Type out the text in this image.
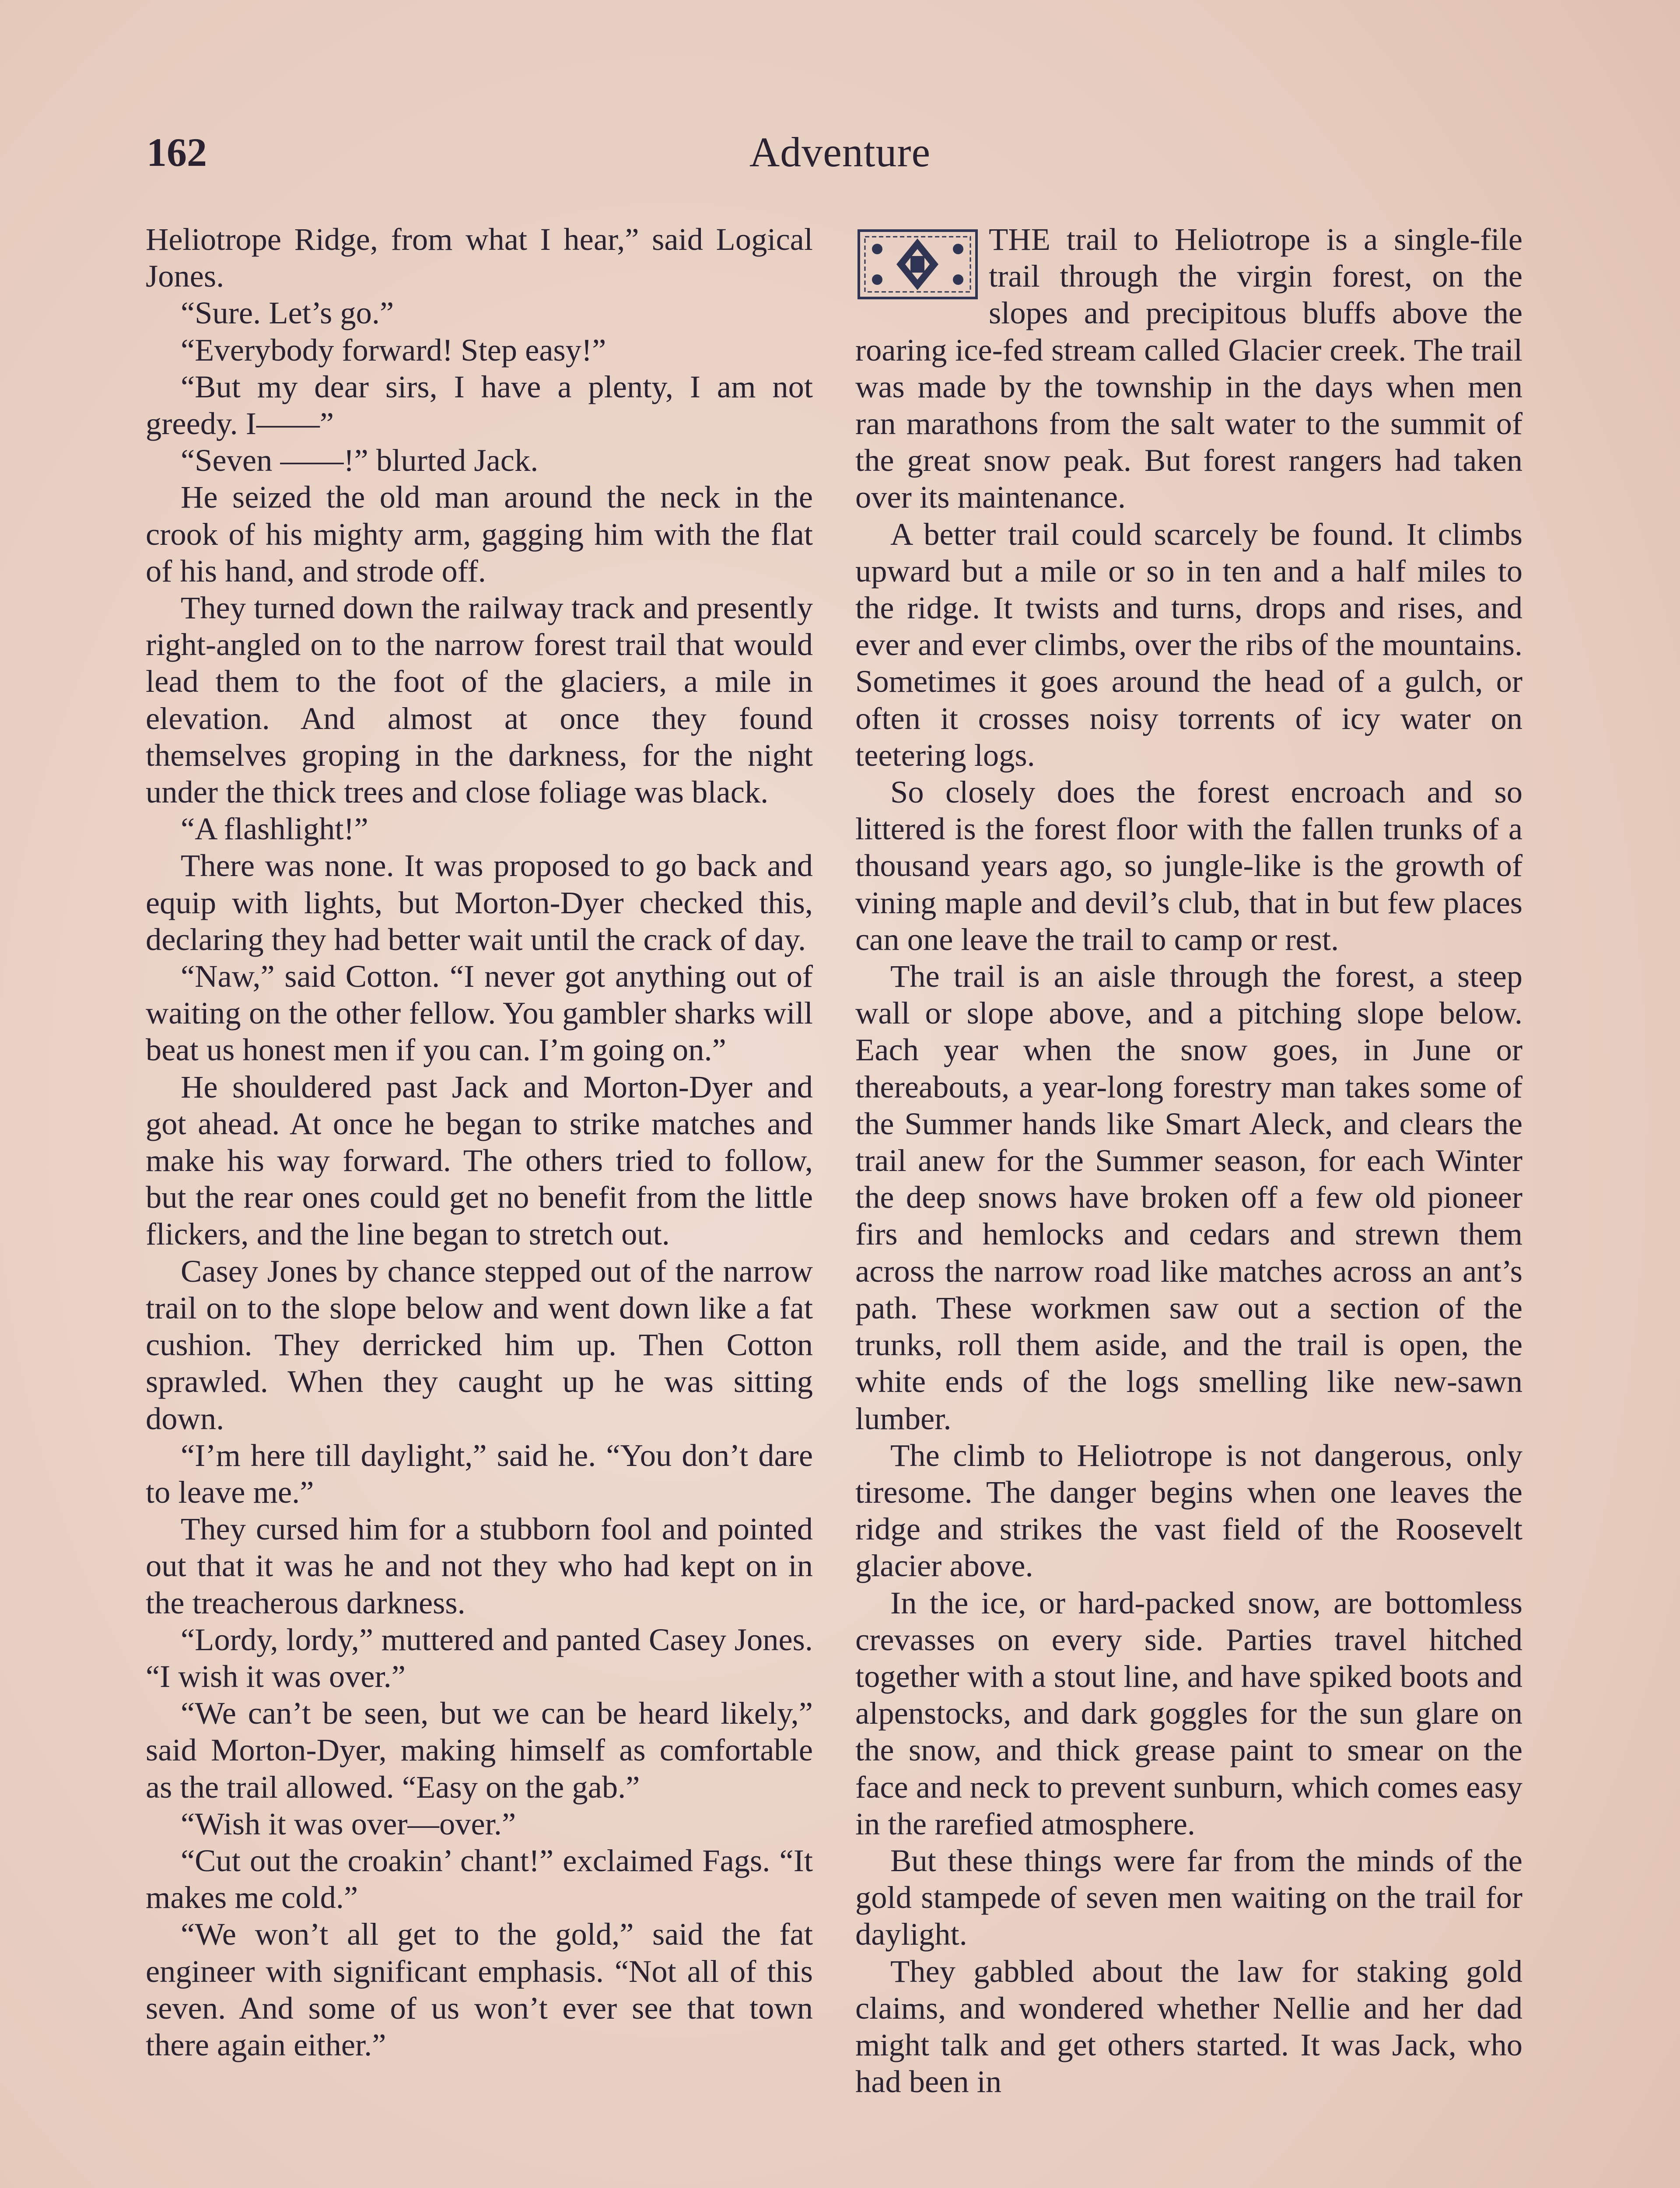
162	Adventure

Heliotrope Ridge, from what I hear,” said Logical Jones.

“Sure. Let’s go.”

“Everybody forward! Step easy!”

“But my dear sirs, I have a plenty, I am not greedy. I——”

“Seven ——!” blurted Jack.

He seized the old man around the neck in the crook of his mighty arm, gagging him with the flat of his hand, and strode off.

They turned down the railway track and presently right-angled on to the narrow forest trail that would lead them to the foot of the glaciers, a mile in elevation. And almost at once they found themselves groping in the darkness, for the night under the thick trees and close foliage was black.

“A flashlight!”

There was none. It was proposed to go back and equip with lights, but Morton-Dyer checked this, declaring they had better wait until the crack of day.

“Naw,” said Cotton. “I never got anything out of waiting on the other fellow. You gambler sharks will beat us honest men if you can. I’m going on.”

He shouldered past Jack and Morton-Dyer and got ahead. At once he began to strike matches and make his way forward. The others tried to follow, but the rear ones could get no benefit from the little flickers, and the line began to stretch out.

Casey Jones by chance stepped out of the narrow trail on to the slope below and went down like a fat cushion. They derricked him up. Then Cotton sprawled. When they caught up he was sitting down.

“I’m here till daylight,” said he. “You don’t dare to leave me.”

They cursed him for a stubborn fool and pointed out that it was he and not they who had kept on in the treacherous darkness.

“Lordy, lordy,” muttered and panted Casey Jones. “I wish it was over.”

“We can’t be seen, but we can be heard likely,” said Morton-Dyer, making himself as comfortable as the trail allowed. “Easy on the gab.”

“Wish it was over—over.”

“Cut out the croakin’ chant!” exclaimed Fags. “It makes me cold.”

“We won’t all get to the gold,” said the fat engineer with significant emphasis. “Not all of this seven. And some of us won’t ever see that town there again either.”

THE trail to Heliotrope is a single-file trail through the virgin forest, on the slopes and precipitous bluffs above the roaring ice-fed stream called Glacier creek. The trail was made by the township in the days when men ran marathons from the salt water to the summit of the great snow peak. But forest rangers had taken over its maintenance.

A better trail could scarcely be found. It climbs upward but a mile or so in ten and a half miles to the ridge. It twists and turns, drops and rises, and ever and ever climbs, over the ribs of the mountains. Sometimes it goes around the head of a gulch, or often it crosses noisy torrents of icy water on teetering logs.

So closely does the forest encroach and so littered is the forest floor with the fallen trunks of a thousand years ago, so jungle-like is the growth of vining maple and devil’s club, that in but few places can one leave the trail to camp or rest.

The trail is an aisle through the forest, a steep wall or slope above, and a pitching slope below. Each year when the snow goes, in June or thereabouts, a year-long forestry man takes some of the Summer hands like Smart Aleck, and clears the trail anew for the Summer season, for each Winter the deep snows have broken off a few old pioneer firs and hemlocks and cedars and strewn them across the narrow road like matches across an ant’s path. These workmen saw out a section of the trunks, roll them aside, and the trail is open, the white ends of the logs smelling like new-sawn lumber.

The climb to Heliotrope is not dangerous, only tiresome. The danger begins when one leaves the ridge and strikes the vast field of the Roosevelt glacier above.

In the ice, or hard-packed snow, are bottomless crevasses on every side. Parties travel hitched together with a stout line, and have spiked boots and alpenstocks, and dark goggles for the sun glare on the snow, and thick grease paint to smear on the face and neck to prevent sunburn, which comes easy in the rarefied atmosphere.

But these things were far from the minds of the gold stampede of seven men waiting on the trail for daylight.

They gabbled about the law for staking gold claims, and wondered whether Nellie and her dad might talk and get others started. It was Jack, who had been in
